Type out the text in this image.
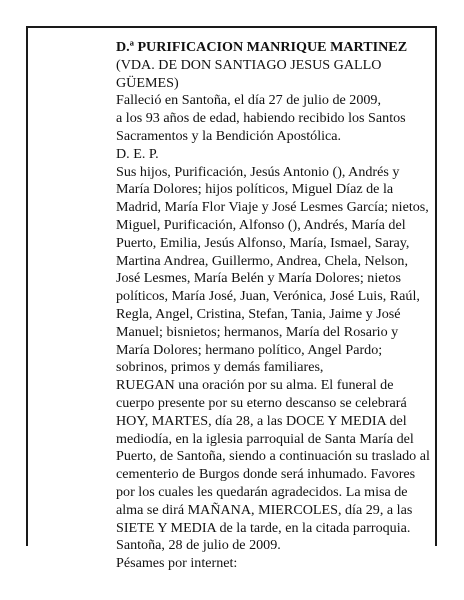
D.ª PURIFICACION MANRIQUE MARTINEZ
(VDA. DE DON SANTIAGO JESUS GALLO
GÜEMES)
Falleció en Santoña, el día 27 de julio de 2009,
a los 93 años de edad, habiendo recibido los Santos
Sacramentos y la Bendición Apostólica.
D. E. P.
Sus hijos, Purificación, Jesús Antonio (), Andrés y
María Dolores; hijos políticos, Miguel Díaz de la
Madrid, María Flor Viaje y José Lesmes García; nietos,
Miguel, Purificación, Alfonso (), Andrés, María del
Puerto, Emilia, Jesús Alfonso, María, Ismael, Saray,
Martina Andrea, Guillermo, Andrea, Chela, Nelson,
José Lesmes, María Belén y María Dolores; nietos
políticos, María José, Juan, Verónica, José Luis, Raúl,
Regla, Angel, Cristina, Stefan, Tania, Jaime y José
Manuel; bisnietos; hermanos, María del Rosario y
María Dolores; hermano político, Angel Pardo;
sobrinos, primos y demás familiares,
RUEGAN una oración por su alma. El funeral de
cuerpo presente por su eterno descanso se celebrará
HOY, MARTES, día 28, a las DOCE Y MEDIA del
mediodía, en la iglesia parroquial de Santa María del
Puerto, de Santoña, siendo a continuación su traslado al
cementerio de Burgos donde será inhumado. Favores
por los cuales les quedarán agradecidos. La misa de
alma se dirá MAÑANA, MIERCOLES, día 29, a las
SIETE Y MEDIA de la tarde, en la citada parroquia.
Santoña, 28 de julio de 2009.
Pésames por internet:
